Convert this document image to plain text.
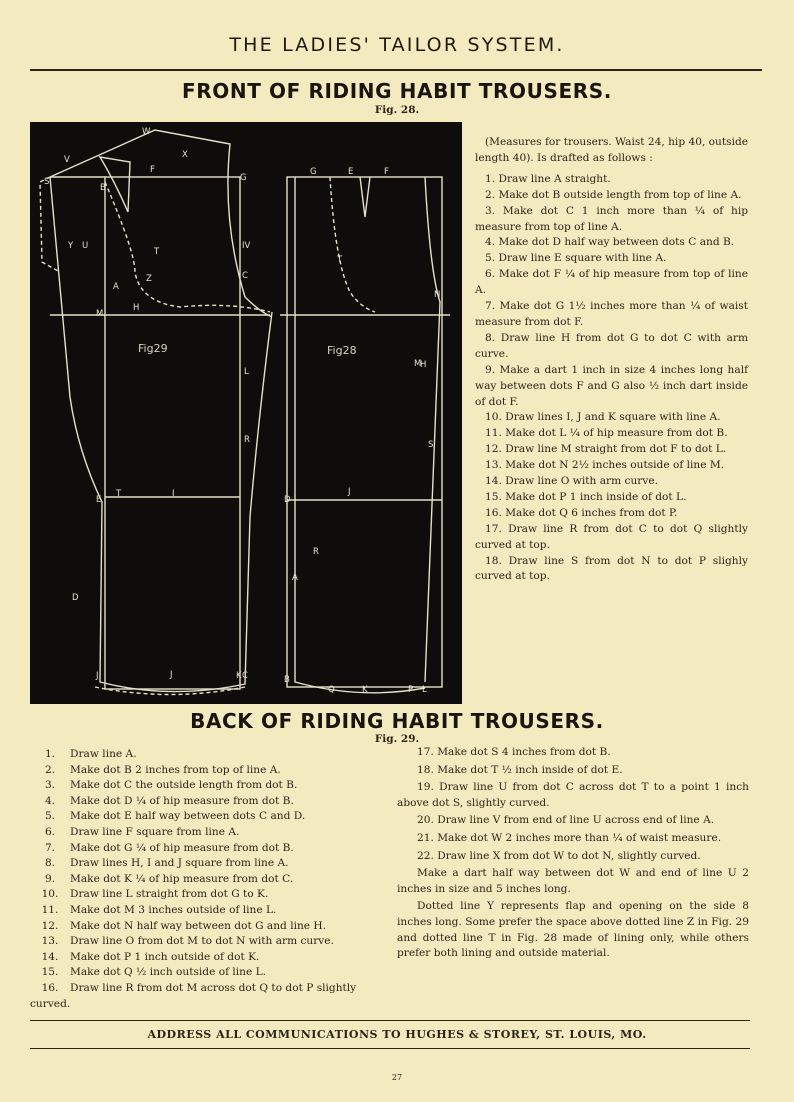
THE LADIES' TAILOR SYSTEM.
FRONT OF RIDING HABIT TROUSERS.
Fig. 28.
W
V	X
S
B
F
G
Y U
T
IV
A
Z	C
H
M
L
R
E
T	I
D
J	C
J	K
G	E	F
T
N
H
M
S
D
J
R
A
B
Q	K	P L
Fig29	Fig28

(Measures for trousers. Waist 24, hip 40, outside length 40). Is drafted as follows :

1. Draw line A straight.

2. Make dot B outside length from top of line A.

3. Make dot C 1 inch more than ¼ of hip measure from top of line A.

4. Make dot D half way between dots C and B.

5. Draw line E square with line A.

6. Make dot F ¼ of hip measure from top of line A.

7. Make dot G 1½ inches more than ¼ of waist measure from dot F.

8. Draw line H from dot G to dot C with arm curve.

9. Make a dart 1 inch in size 4 inches long half way between dots F and G also ½ inch dart inside of dot F.

10. Draw lines I, J and K square with line A.

11. Make dot L ¼ of hip measure from dot B.

12. Draw line M straight from dot F to dot L.

13. Make dot N 2½ inches outside of line M.

14. Draw line O with arm curve.

15. Make dot P 1 inch inside of dot L.

16. Make dot Q 6 inches from dot P.

17. Draw line R from dot C to dot Q slightly curved at top.

18. Draw line S from dot N to dot P slighly curved at top.

BACK OF RIDING HABIT TROUSERS.
Fig. 29.
1.	Draw line A.
2.	Make dot B 2 inches from top of line A.
3.	Make dot C the outside length from dot B.
4.	Make dot D ¼ of hip measure from dot B.
5.	Make dot E half way between dots C and D.
6.	Draw line F square from line A.
7.	Make dot G ¼ of hip measure from dot B.
8.	Draw lines H, I and J square from line A.
9.	Make dot K ¼ of hip measure from dot C.
10.	Draw line L straight from dot G to K.
11.	Make dot M 3 inches outside of line L.
12.	Make dot N half way between dot G and line H.
13.	Draw line O from dot M to dot N with arm curve.
14.	Make dot P 1 inch outside of dot K.
15.	Make dot Q ½ inch outside of line L.
16. Draw line R from dot M across dot Q to dot P slightly curved.

17. Make dot S 4 inches from dot B.

18. Make dot T ½ inch inside of dot E.

19. Draw line U from dot C across dot T to a point 1 inch above dot S, slightly curved.

20. Draw line V from end of line U across end of line A.

21. Make dot W 2 inches more than ¼ of waist measure.

22. Draw line X from dot W to dot N, slightly curved.

Make a dart half way between dot W and end of line U 2 inches in size and 5 inches long.

Dotted line Y represents flap and opening on the side 8 inches long. Some prefer the space above dotted line Z in Fig. 29 and dotted line T in Fig. 28 made of lining only, while others prefer both lining and outside material.

ADDRESS ALL COMMUNICATIONS TO HUGHES & STOREY, ST. LOUIS, MO.
27
